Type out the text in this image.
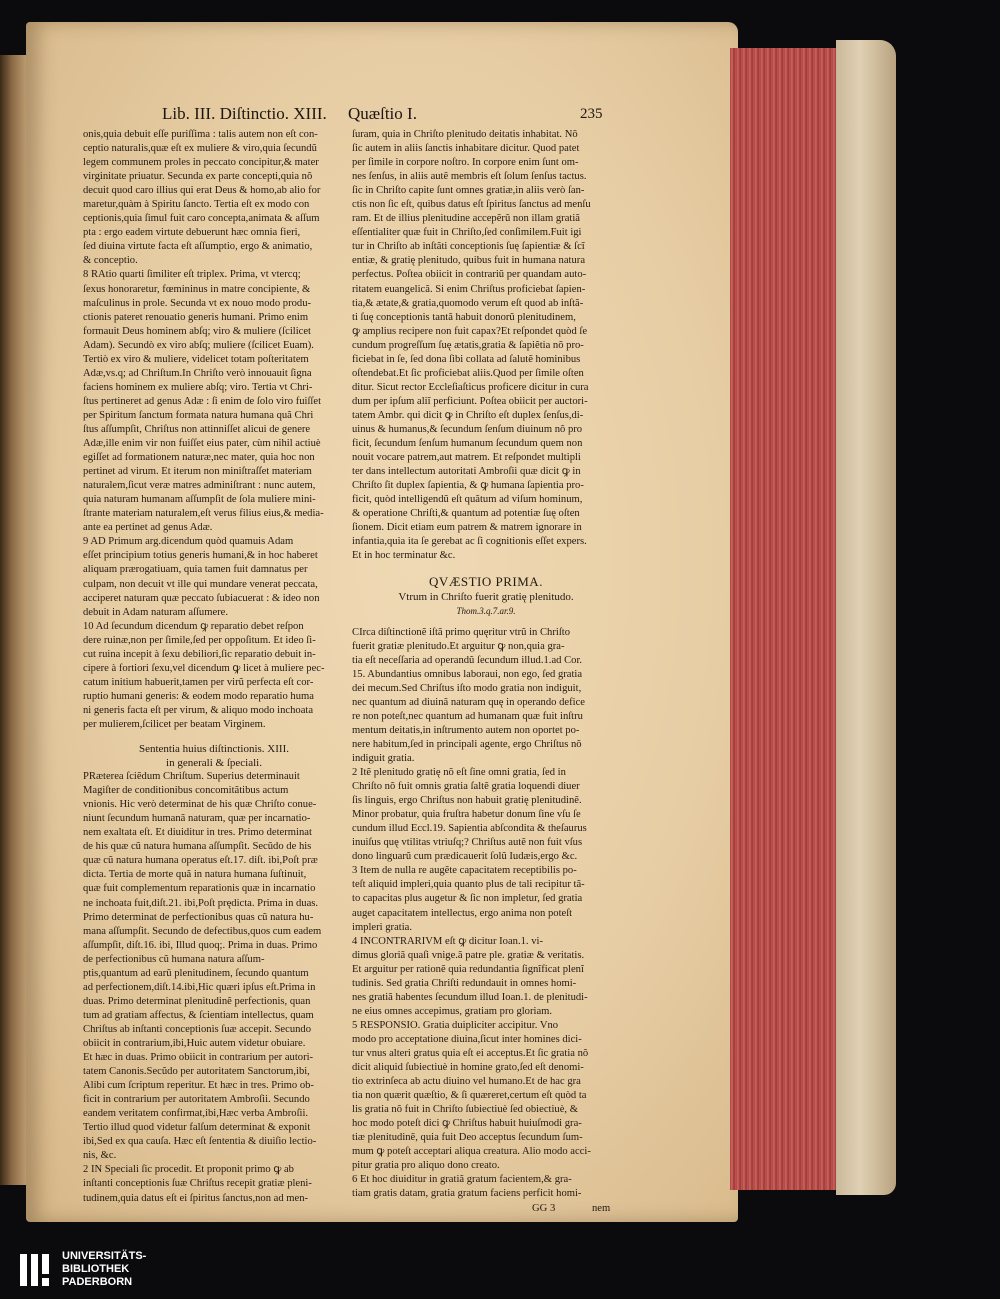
Lib. III. Diſtinctio. XIII. Quæſtio I.	235

onis,quia debuit eſſe puriſſima : talis autem non eſt con-

ceptio naturalis,quæ eſt ex muliere & viro,quia ſecundũ

legem communem proles in peccato concipitur,& mater

virginitate priuatur. Secunda ex parte concepti,quia nõ

decuit quod caro illius qui erat Deus & homo,ab alio for

maretur,quàm à Spiritu ſancto. Tertia eſt ex modo con

ceptionis,quia ſimul fuit caro concepta,animata & aſſum

pta : ergo eadem virtute debuerunt hæc omnia fieri,

ſed diuina virtute facta eſt aſſumptio, ergo & animatio,

& conceptio.

8 RAtio quarti ſimiliter eſt triplex. Prima, vt vtercq;

ſexus honoraretur, fœmininus in matre concipiente, &

maſculinus in prole. Secunda vt ex nouo modo produ-

ctionis pateret renouatio generis humani. Primo enim

formauit Deus hominem abſq; viro & muliere (ſcilicet

Adam). Secundò ex viro abſq; muliere (ſcilicet Euam).

Tertiò ex viro & muliere, videlicet totam poſteritatem

Adæ,vs.q; ad Chriſtum.In Chriſto verò innouauit ſigna

faciens hominem ex muliere abſq; viro. Tertia vt Chri-

ſtus pertineret ad genus Adæ : ſi enim de ſolo viro fuiſſet

per Spiritum ſanctum formata natura humana quã Chri

ſtus aſſumpſit, Chriſtus non attinniſſet alicui de genere

Adæ,ille enim vir non fuiſſet eius pater, cùm nihil actiuè

egiſſet ad formationem naturæ,nec mater, quia hoc non

pertinet ad virum. Et iterum non miniſtraſſet materiam

naturalem,ſicut veræ matres adminiſtrant : nunc autem,

quia naturam humanam aſſumpſit de ſola muliere mini-

ſtrante materiam naturalem,eſt verus filius eius,& media-

ante ea pertinet ad genus Adæ.

9 AD Primum arg.dicendum quòd quamuis Adam

eſſet principium totius generis humani,& in hoc haberet

aliquam prærogatiuam, quia tamen fuit damnatus per

culpam, non decuit vt ille qui mundare venerat peccata,

acciperet naturam quæ peccato ſubiacuerat : & ideo non

debuit in Adam naturam aſſumere.

10 Ad ſecundum dicendum ꝙ reparatio debet reſpon

dere ruinæ,non per ſimile,ſed per oppoſitum. Et ideo ſi-

cut ruina incepit à ſexu debiliori,ſic reparatio debuit in-

cipere à fortiori ſexu,vel dicendum ꝙ licet à muliere pec-

catum initium habuerit,tamen per virũ perfecta eſt cor-

ruptio humani generis: & eodem modo reparatio huma

ni generis facta eſt per virum, & aliquo modo inchoata

per mulierem,ſcilicet per beatam Virginem.

Sententia huius diſtinctionis. XIII.

in generali & ſpeciali.

PRæterea ſciẽdum Chriſtum. Superius determinauit

Magiſter de conditionibus concomitãtibus actum

vnionis. Hic verò determinat de his quæ Chriſto conue-

niunt ſecundum humanã naturam, quæ per incarnatio-

nem exaltata eſt. Et diuiditur in tres. Primo determinat

de his quæ cũ natura humana aſſumpſit. Secũdo de his

quæ cũ natura humana operatus eſt.17. diſt. ibi,Poſt præ

dicta. Tertia de morte quã in natura humana ſuſtinuit,

quæ fuit complementum reparationis quæ in incarnatio

ne inchoata fuit,diſt.21. ibi,Poſt prędicta. Prima in duas.

Primo determinat de perfectionibus quas cũ natura hu-

mana aſſumpſit. Secundo de defectibus,quos cum eadem

aſſumpſit, diſt.16. ibi, Illud quoq;. Prima in duas. Primo

de perfectionibus cũ humana natura aſſum-

ptis,quantum ad earũ plenitudinem, ſecundo quantum

ad perfectionem,diſt.14.ibi,Hic quæri ipſus eſt.Prima in

duas. Primo determinat plenitudinẽ perfectionis, quan

tum ad gratiam affectus, & ſcientiam intellectus, quam

Chriſtus ab inſtanti conceptionis ſuæ accepit. Secundo

obiicit in contrarium,ibi,Huic autem videtur obuiare.

Et hæc in duas. Primo obiicit in contrarium per autori-

tatem Canonis.Secũdo per autoritatem Sanctorum,ibi,

Alibi cum ſcriptum reperitur. Et hæc in tres. Primo ob-

ficit in contrarium per autoritatem Ambroſii. Secundo

eandem veritatem confirmat,ibi,Hæc verba Ambroſii.

Tertio illud quod videtur falſum determinat & exponit

ibi,Sed ex qua cauſa. Hæc eſt ſententia & diuiſio lectio-

nis, &c.

2 IN Speciali ſic procedit. Et proponit primo ꝙ ab

inſtanti conceptionis ſuæ Chriſtus recepit gratiæ pleni-

tudinem,quia datus eſt ei ſpiritus ſanctus,non ad men-

ſuram, quia in Chriſto plenitudo deitatis inhabitat. Nõ

ſic autem in aliis ſanctis inhabitare dicitur. Quod patet

per ſimile in corpore noſtro. In corpore enim ſunt om-

nes ſenſus, in aliis autẽ membris eſt ſolum ſenſus tactus.

ſic in Chriſto capite ſunt omnes gratiæ,in aliis verò ſan-

ctis non ſic eſt, quibus datus eſt ſpiritus ſanctus ad menſu

ram. Et de illius plenitudine accepẽrũ non illam gratiã

eſſentialiter quæ fuit in Chriſto,ſed conſimilem.Fuit igi

tur in Chriſto ab inſtãti conceptionis ſuę ſapientiæ & ſcĩ

entiæ, & gratię plenitudo, quibus fuit in humana natura

perfectus. Poſtea obiicit in contrariũ per quandam auto-

ritatem euangelicã. Si enim Chriſtus proficiebat ſapien-

tia,& ætate,& gratia,quomodo verum eſt quod ab inſtã-

ti ſuę conceptionis tantã habuit donorũ plenitudinem,

ꝙ amplius recipere non fuit capax?Et reſpondet quòd ſe

cundum progreſſum ſuę ætatis,gratia & ſapiẽtia nõ pro-

ficiebat in ſe, ſed dona ſibi collata ad ſalutẽ hominibus

oſtendebat.Et ſic proficiebat aliis.Quod per ſimile oſten

ditur. Sicut rector Eccleſiaſticus proficere dicitur in cura

dum per ipſum aliĩ perficiunt. Poſtea obiicit per auctori-

tatem Ambr. qui dicit ꝙ in Chriſto eſt duplex ſenſus,di-

uinus & humanus,& ſecundum ſenſum diuinum nõ pro

ficit, ſecundum ſenſum humanum ſecundum quem non

nouit vocare patrem,aut matrem. Et reſpondet multipli

ter dans intellectum autoritati Ambroſii quæ dicit ꝙ in

Chriſto ſit duplex ſapientia, & ꝙ humana ſapientia pro-

ficit, quòd intelligendũ eſt quãtum ad viſum hominum,

& operatione Chriſti,& quantum ad potentiæ ſuę oſten

ſionem. Dicit etiam eum patrem & matrem ignorare in

infantia,quia ita ſe gerebat ac ſi cognitionis eſſet expers.

Et in hoc terminatur &c.

QVÆSTIO PRIMA.

Vtrum in Chriſto fuerit gratię plenitudo.

Thom.3.q.7.ar.9.

CIrca diſtinctionẽ iſtã primo quęritur vtrũ in Chriſto

fuerit gratiæ plenitudo.Et arguitur ꝙ non,quia gra-

tia eſt neceſſaria ad operandũ ſecundum illud.1.ad Cor.

15. Abundantius omnibus laboraui, non ego, ſed gratia

dei mecum.Sed Chriſtus iſto modo gratia non indiguit,

nec quantum ad diuinã naturam quę in operando defice

re non poteſt,nec quantum ad humanam quæ fuit inſtru

mentum deitatis,in inſtrumento autem non oportet po-

nere habitum,ſed in principali agente, ergo Chriſtus nõ

indiguit gratia.

2 Itẽ plenitudo gratię nõ eſt ſine omni gratia, ſed in

Chriſto nõ fuit omnis gratia ſaltẽ gratia loquendi diuer

ſis linguis, ergo Chriſtus non habuit gratię plenitudinẽ.

Minor probatur, quia fruſtra habetur donum ſine vſu ſe

cundum illud Eccl.19. Sapientia abſcondita & theſaurus

inuiſus quę vtilitas vtriuſq;? Chriſtus autẽ non fuit vſus

dono linguarũ cum prædicauerit ſolũ Iudæis,ergo &c.

3 Item de nulla re augẽte capacitatem receptibilis po-

teſt aliquid impleri,quia quanto plus de tali recipitur tã-

to capacitas plus augetur & ſic non impletur, ſed gratia

auget capacitatem intellectus, ergo anima non poteſt

impleri gratia.

4 INCONTRARIVM eſt ꝙ dicitur Ioan.1. vi-

dimus gloriã quaſi vnige.ã patre ple. gratiæ & veritatis.

Et arguitur per rationẽ quia redundantia ſignĩficat plenĩ

tudinis. Sed gratia Chriſti redundauit in omnes homi-

nes gratiã habentes ſecundum illud Ioan.1. de plenitudi-

ne eius omnes accepimus, gratiam pro gloriam.

5 RESPONSIO. Gratia duipliciter accipitur. Vno

modo pro acceptatione diuina,ſicut inter homines dici-

tur vnus alteri gratus quia eſt ei acceptus.Et ſic gratia nõ

dicit aliquid ſubiectiuè in homine grato,ſed eſt denomi-

tio extrinſeca ab actu diuino vel humano.Et de hac gra

tia non quærit quæſtio, & ſi quæreret,certum eſt quòd ta

lis gratia nõ fuit in Chriſto ſubiectiuè ſed obiectiuè, &

hoc modo poteſt dici ꝙ Chriſtus habuit huiuſmodi gra-

tiæ plenitudinẽ, quia fuit Deo acceptus ſecundum ſum-

mum ꝙ poteſt acceptari aliqua creatura. Alio modo acci-

pitur gratia pro aliquo dono creato.

6 Et hoc diuiditur in gratiã gratum facientem,& gra-

tiam gratis datam, gratia gratum faciens perficit homi-

GG 3	nem

UNIVERSITÄTS-

BIBLIOTHEK

PADERBORN
